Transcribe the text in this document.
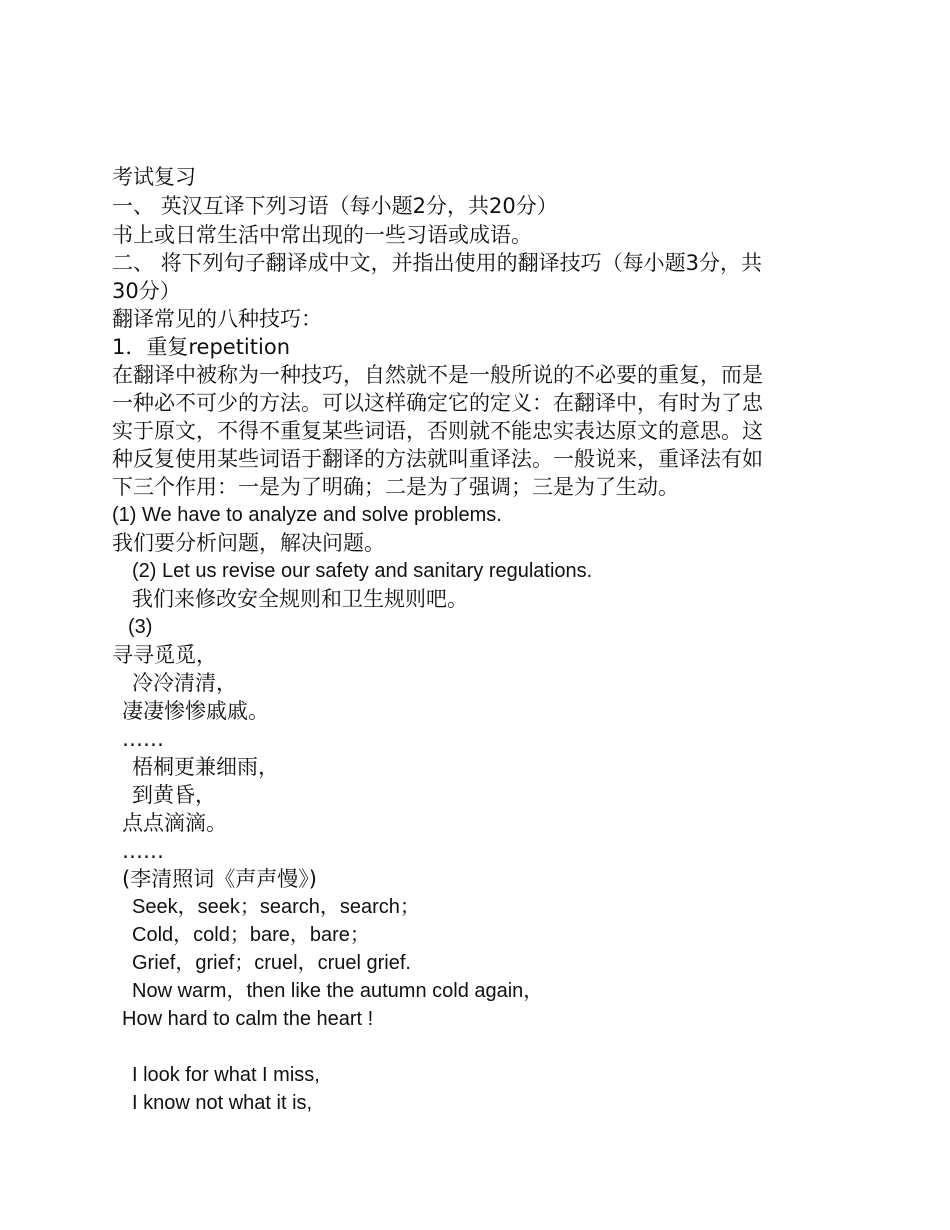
考试复习
一、 英汉互译下列习语（每小题2分，共20分）
书上或日常生活中常出现的一些习语或成语。
二、 将下列句子翻译成中文，并指出使用的翻译技巧（每小题3分，共
30分）
翻译常见的八种技巧：
1．重复repetition
在翻译中被称为一种技巧，自然就不是一般所说的不必要的重复，而是
一种必不可少的方法。可以这样确定它的定义：在翻译中，有时为了忠
实于原文，不得不重复某些词语，否则就不能忠实表达原文的意思。这
种反复使用某些词语于翻译的方法就叫重译法。一般说来，重译法有如
下三个作用：一是为了明确；二是为了强调；三是为了生动。
(1) We have to analyze and solve problems.
我们要分析问题，解决问题。
(2) Let us revise our safety and sanitary regulations.
我们来修改安全规则和卫生规则吧。
(3)
寻寻觅觅，
冷冷清清，
凄凄惨惨戚戚。
……
梧桐更兼细雨，
到黄昏，
点点滴滴。
……
(李清照词《声声慢》)
Seek，seek；search，search；
Cold，cold；bare，bare；
Grief，grief；cruel，cruel grief.
Now warm，then like the autumn cold again，
How hard to calm the heart !
I look for what I miss,
I know not what it is,
